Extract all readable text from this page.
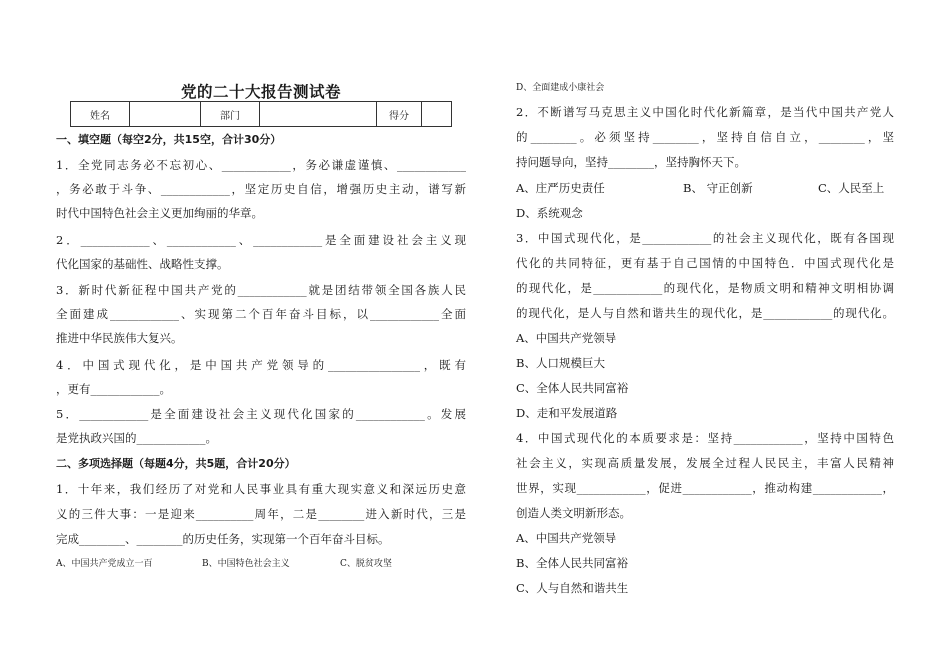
党的二十大报告测试卷
姓名		部门		得分	
一、填空题（每空2分，共15空，合计30分）
1．全党同志务必不忘初心、____________，务必谦虚谨慎、____________
，务必敢于斗争、____________，坚定历史自信，增强历史主动，谱写新
时代中国特色社会主义更加绚丽的华章。
2．____________、____________、____________是全面建设社会主义现
代化国家的基础性、战略性支撑。
3．新时代新征程中国共产党的____________就是团结带领全国各族人民
全面建成____________、实现第二个百年奋斗目标，以____________全面
推进中华民族伟大复兴。
4．中国式现代化，是中国共产党领导的________________，既有
，更有____________。
5．____________是全面建设社会主义现代化国家的____________。发展
是党执政兴国的____________。
二、多项选择题（每题4分，共5题，合计20分）
1．十年来，我们经历了对党和人民事业具有重大现实意义和深远历史意
义的三件大事：一是迎来__________周年，二是________进入新时代，三是
完成________、________的历史任务，实现第一个百年奋斗目标。
A、中国共产党成立一百	B、中国特色社会主义	C、脱贫攻坚
D、全面建成小康社会
2．不断谱写马克思主义中国化时代化新篇章，是当代中国共产党人
的________。必须坚持________，坚持自信自立，________，坚
持问题导向，坚持________，坚持胸怀天下。
A、庄严历史责任	B、 守正创新	C、人民至上
D、系统观念
3．中国式现代化，是____________的社会主义现代化，既有各国现
代化的共同特征，更有基于自己国情的中国特色．中国式现代化是
的现代化，是____________的现代化，是物质文明和精神文明相协调
的现代化，是人与自然和谐共生的现代化，是____________的现代化。
A、中国共产党领导
B、人口规模巨大
C、全体人民共同富裕
D、走和平发展道路
4．中国式现代化的本质要求是：坚持____________，坚持中国特色
社会主义，实现高质量发展，发展全过程人民民主，丰富人民精神
世界，实现____________，促进____________，推动构建____________，
创造人类文明新形态。
A、中国共产党领导
B、全体人民共同富裕
C、人与自然和谐共生
